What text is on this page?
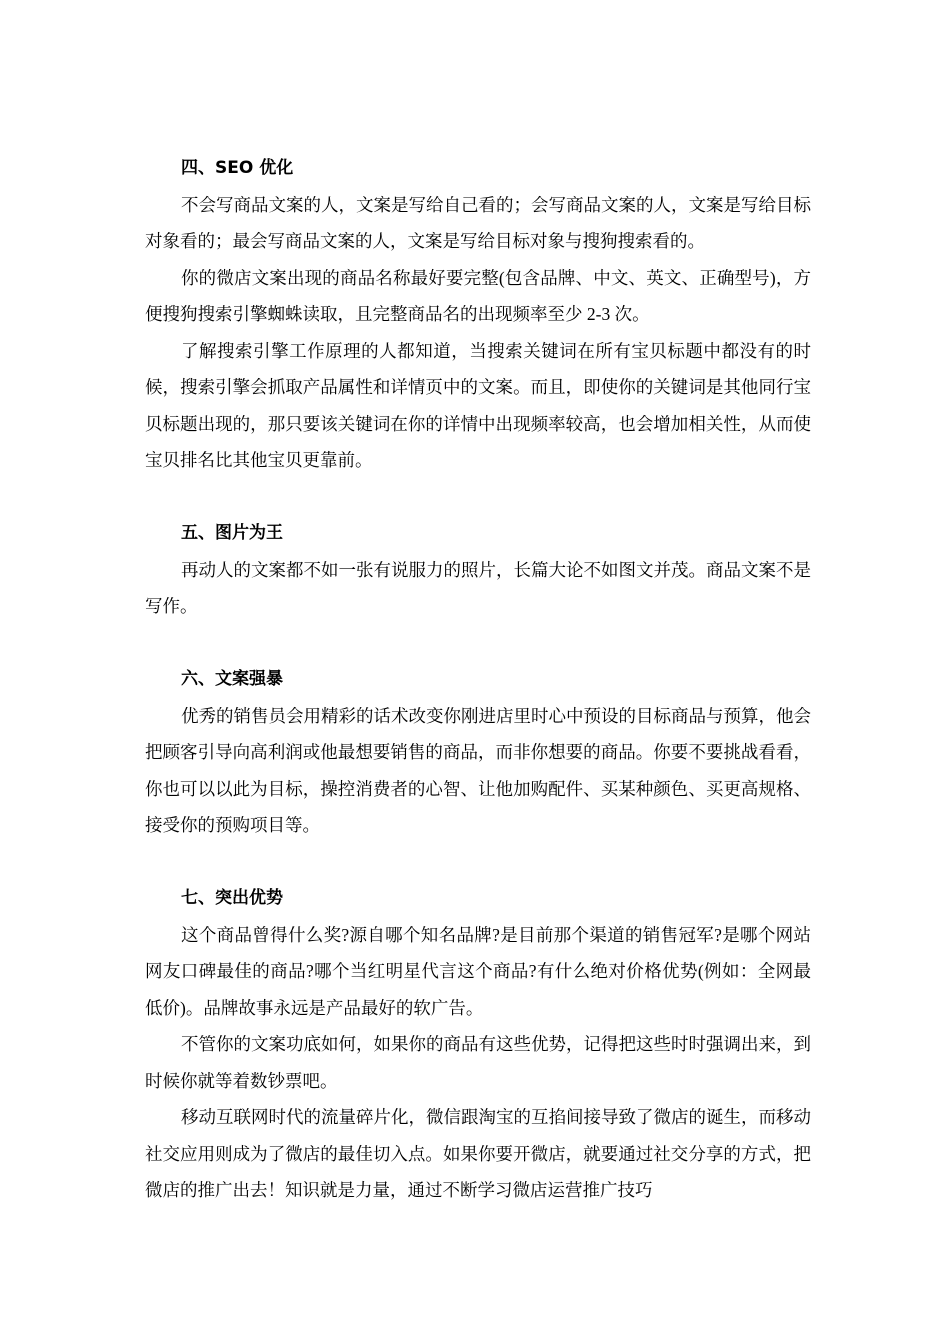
四、SEO 优化

不会写商品文案的人，文案是写给自己看的；会写商品文案的人，文案是写给目标对象看的；最会写商品文案的人，文案是写给目标对象与搜狗搜索看的。

你的微店文案出现的商品名称最好要完整(包含品牌、中文、英文、正确型号)，方便搜狗搜索引擎蜘蛛读取，且完整商品名的出现频率至少 2-3 次。

了解搜索引擎工作原理的人都知道，当搜索关键词在所有宝贝标题中都没有的时候，搜索引擎会抓取产品属性和详情页中的文案。而且，即使你的关键词是其他同行宝贝标题出现的，那只要该关键词在你的详情中出现频率较高，也会增加相关性，从而使宝贝排名比其他宝贝更靠前。

五、图片为王

再动人的文案都不如一张有说服力的照片，长篇大论不如图文并茂。商品文案不是写作。

六、文案强暴

优秀的销售员会用精彩的话术改变你刚进店里时心中预设的目标商品与预算，他会把顾客引导向高利润或他最想要销售的商品，而非你想要的商品。你要不要挑战看看，你也可以以此为目标，操控消费者的心智、让他加购配件、买某种颜色、买更高规格、接受你的预购项目等。

七、突出优势

这个商品曾得什么奖?源自哪个知名品牌?是目前那个渠道的销售冠军?是哪个网站网友口碑最佳的商品?哪个当红明星代言这个商品?有什么绝对价格优势(例如：全网最低价)。品牌故事永远是产品最好的软广告。

不管你的文案功底如何，如果你的商品有这些优势，记得把这些时时强调出来，到时候你就等着数钞票吧。

移动互联网时代的流量碎片化，微信跟淘宝的互掐间接导致了微店的诞生，而移动社交应用则成为了微店的最佳切入点。如果你要开微店，就要通过社交分享的方式，把微店的推广出去！知识就是力量，通过不断学习微店运营推广技巧
